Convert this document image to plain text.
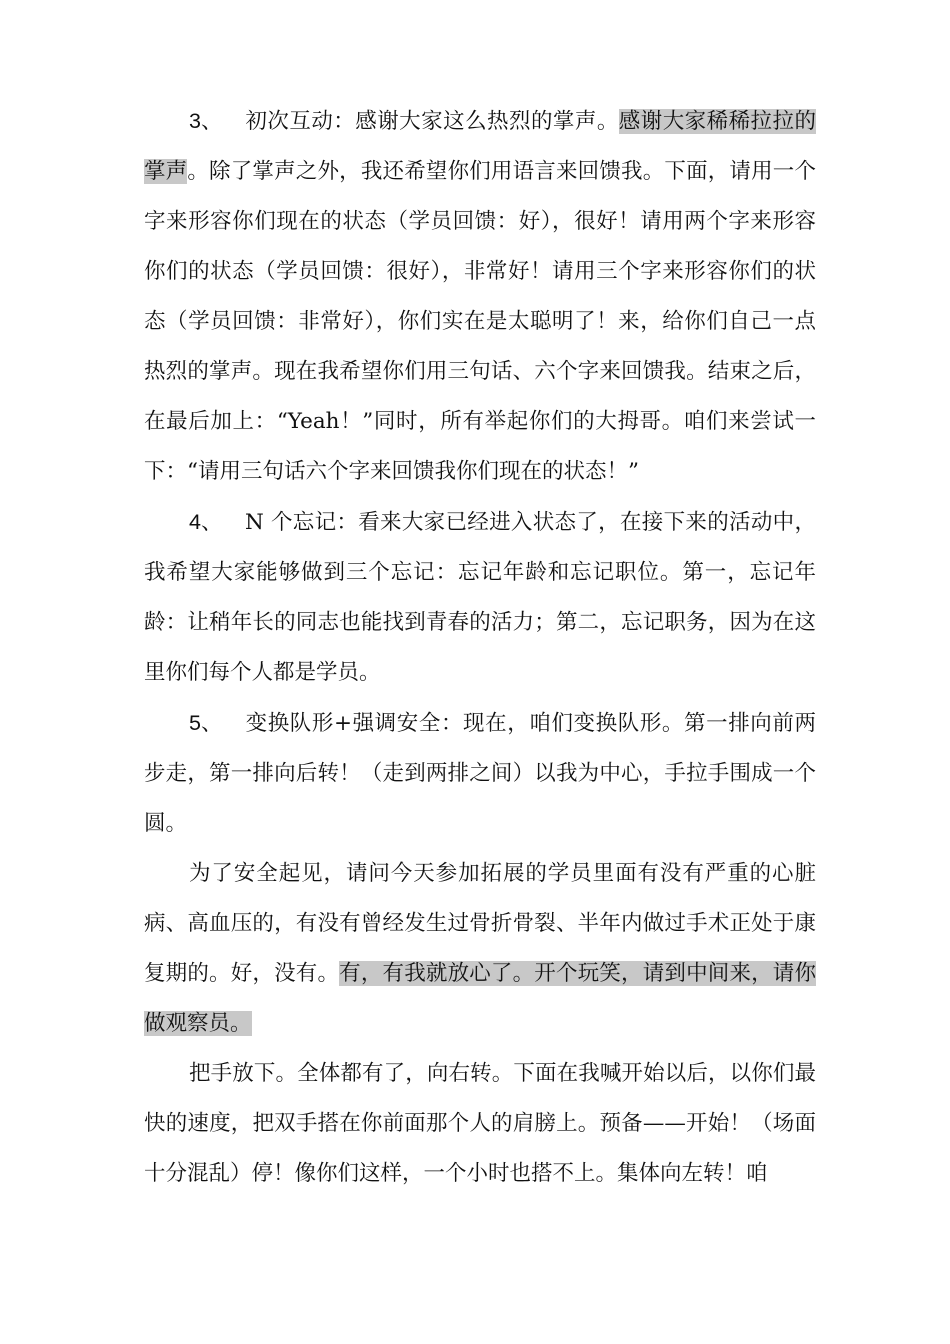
3、 初次互动：感谢大家这么热烈的掌声。感谢大家稀稀拉拉的掌声。除了掌声之外，我还希望你们用语言来回馈我。下面，请用一个字来形容你们现在的状态（学员回馈：好），很好！请用两个字来形容你们的状态（学员回馈：很好），非常好！请用三个字来形容你们的状态（学员回馈：非常好），你们实在是太聪明了！来，给你们自己一点热烈的掌声。现在我希望你们用三句话、六个字来回馈我。结束之后，在最后加上：“Yeah！”同时，所有举起你们的大拇哥。咱们来尝试一下：“请用三句话六个字来回馈我你们现在的状态！”

4、 N 个忘记：看来大家已经进入状态了，在接下来的活动中，我希望大家能够做到三个忘记：忘记年龄和忘记职位。第一，忘记年龄：让稍年长的同志也能找到青春的活力；第二，忘记职务，因为在这里你们每个人都是学员。

5、 变换队形+强调安全：现在，咱们变换队形。第一排向前两步走，第一排向后转！（走到两排之间）以我为中心，手拉手围成一个圆。

为了安全起见，请问今天参加拓展的学员里面有没有严重的心脏病、高血压的，有没有曾经发生过骨折骨裂、半年内做过手术正处于康复期的。好，没有。有，有我就放心了。开个玩笑，请到中间来，请你做观察员。

把手放下。全体都有了，向右转。下面在我喊开始以后，以你们最快的速度，把双手搭在你前面那个人的肩膀上。预备——开始！（场面十分混乱）停！像你们这样，一个小时也搭不上。集体向左转！咱
